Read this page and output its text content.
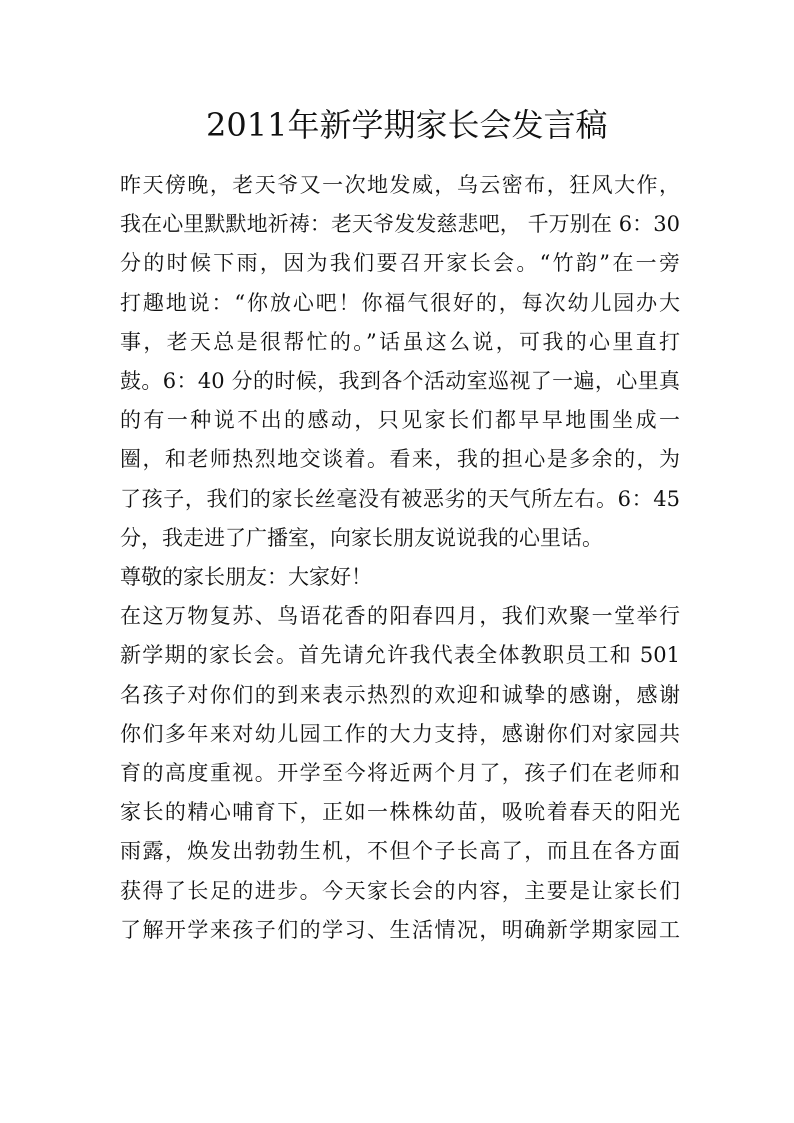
2011年新学期家长会发言稿
昨天傍晚，老天爷又一次地发威，乌云密布，狂风大作，
我在心里默默地祈祷：老天爷发发慈悲吧， 千万别在 6：30
分的时候下雨，因为我们要召开家长会。“竹韵”在一旁
打趣地说：“你放心吧！你福气很好的，每次幼儿园办大
事，老天总是很帮忙的。”话虽这么说，可我的心里直打
鼓。6：40 分的时候，我到各个活动室巡视了一遍，心里真
的有一种说不出的感动，只见家长们都早早地围坐成一
圈，和老师热烈地交谈着。看来，我的担心是多余的，为
了孩子，我们的家长丝毫没有被恶劣的天气所左右。6：45
分，我走进了广播室，向家长朋友说说我的心里话。
尊敬的家长朋友：大家好！
在这万物复苏、鸟语花香的阳春四月，我们欢聚一堂举行
新学期的家长会。首先请允许我代表全体教职员工和 501
名孩子对你们的到来表示热烈的欢迎和诚挚的感谢，感谢
你们多年来对幼儿园工作的大力支持，感谢你们对家园共
育的高度重视。开学至今将近两个月了，孩子们在老师和
家长的精心哺育下，正如一株株幼苗，吸吮着春天的阳光
雨露，焕发出勃勃生机，不但个子长高了，而且在各方面
获得了长足的进步。今天家长会的内容，主要是让家长们
了解开学来孩子们的学习、生活情况，明确新学期家园工
